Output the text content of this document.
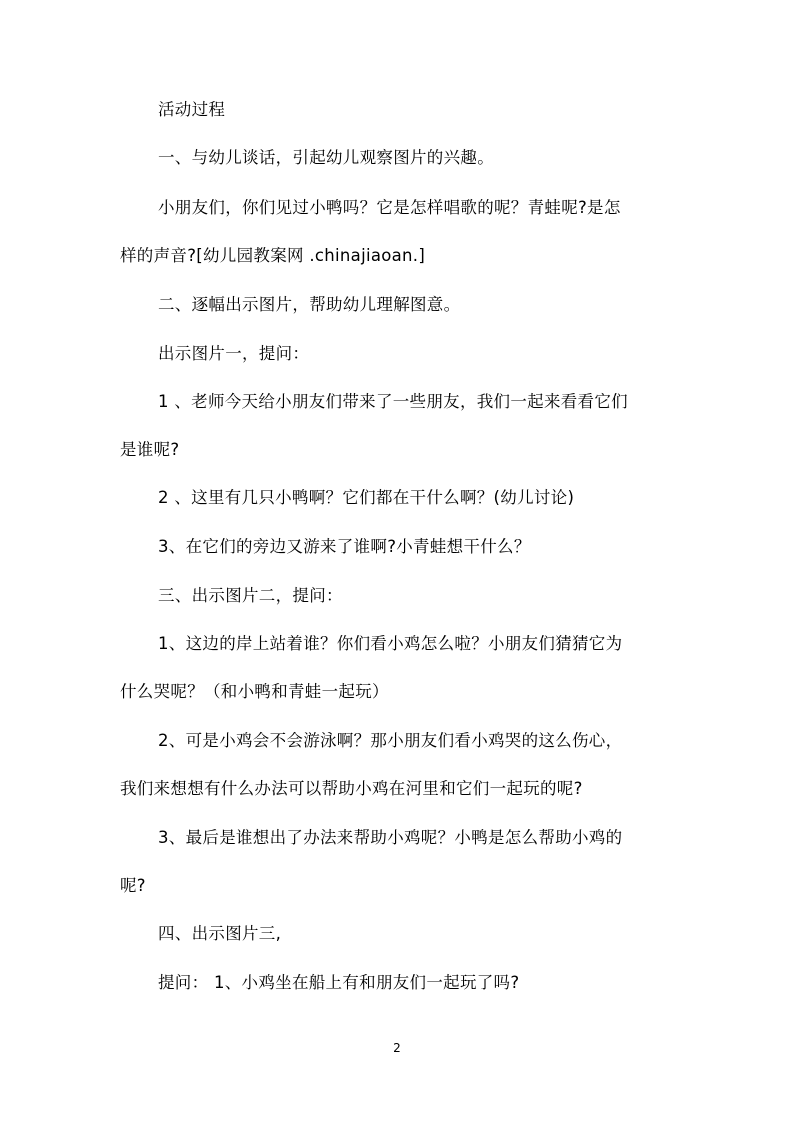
活动过程

一、与幼儿谈话，引起幼儿观察图片的兴趣。

小朋友们，你们见过小鸭吗？它是怎样唱歌的呢？青蛙呢?是怎

样的声音?[幼儿园教案网 .chinajiaoan.]

二、逐幅出示图片，帮助幼儿理解图意。

出示图片一，提问：

1 、老师今天给小朋友们带来了一些朋友，我们一起来看看它们

是谁呢?

2 、这里有几只小鸭啊？它们都在干什么啊？(幼儿讨论)

3、在它们的旁边又游来了谁啊?小青蛙想干什么？

三、出示图片二，提问：

1、这边的岸上站着谁？你们看小鸡怎么啦？小朋友们猜猜它为

什么哭呢？（和小鸭和青蛙一起玩）

2、可是小鸡会不会游泳啊？那小朋友们看小鸡哭的这么伤心，

我们来想想有什么办法可以帮助小鸡在河里和它们一起玩的呢?

3、最后是谁想出了办法来帮助小鸡呢？小鸭是怎么帮助小鸡的

呢?

四、出示图片三,

提问： 1、小鸡坐在船上有和朋友们一起玩了吗?

2
